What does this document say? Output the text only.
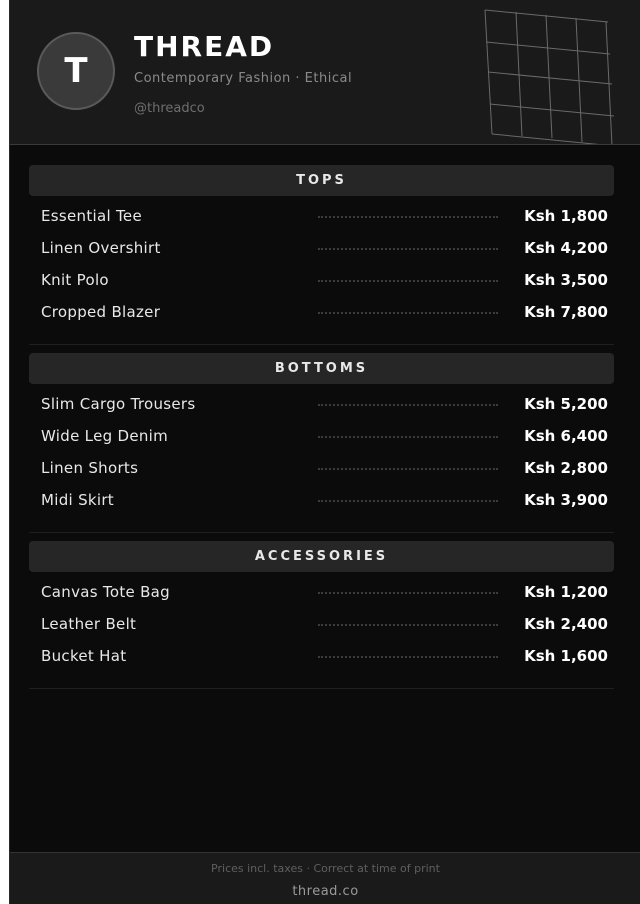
T
THREAD
Contemporary Fashion · Ethical
@threadco
TOPS
Essential Tee	Ksh 1,800
Linen Overshirt	Ksh 4,200
Knit Polo	Ksh 3,500
Cropped Blazer	Ksh 7,800
BOTTOMS
Slim Cargo Trousers	Ksh 5,200
Wide Leg Denim	Ksh 6,400
Linen Shorts	Ksh 2,800
Midi Skirt	Ksh 3,900
ACCESSORIES
Canvas Tote Bag	Ksh 1,200
Leather Belt	Ksh 2,400
Bucket Hat	Ksh 1,600
Prices incl. taxes · Correct at time of print
thread.co
